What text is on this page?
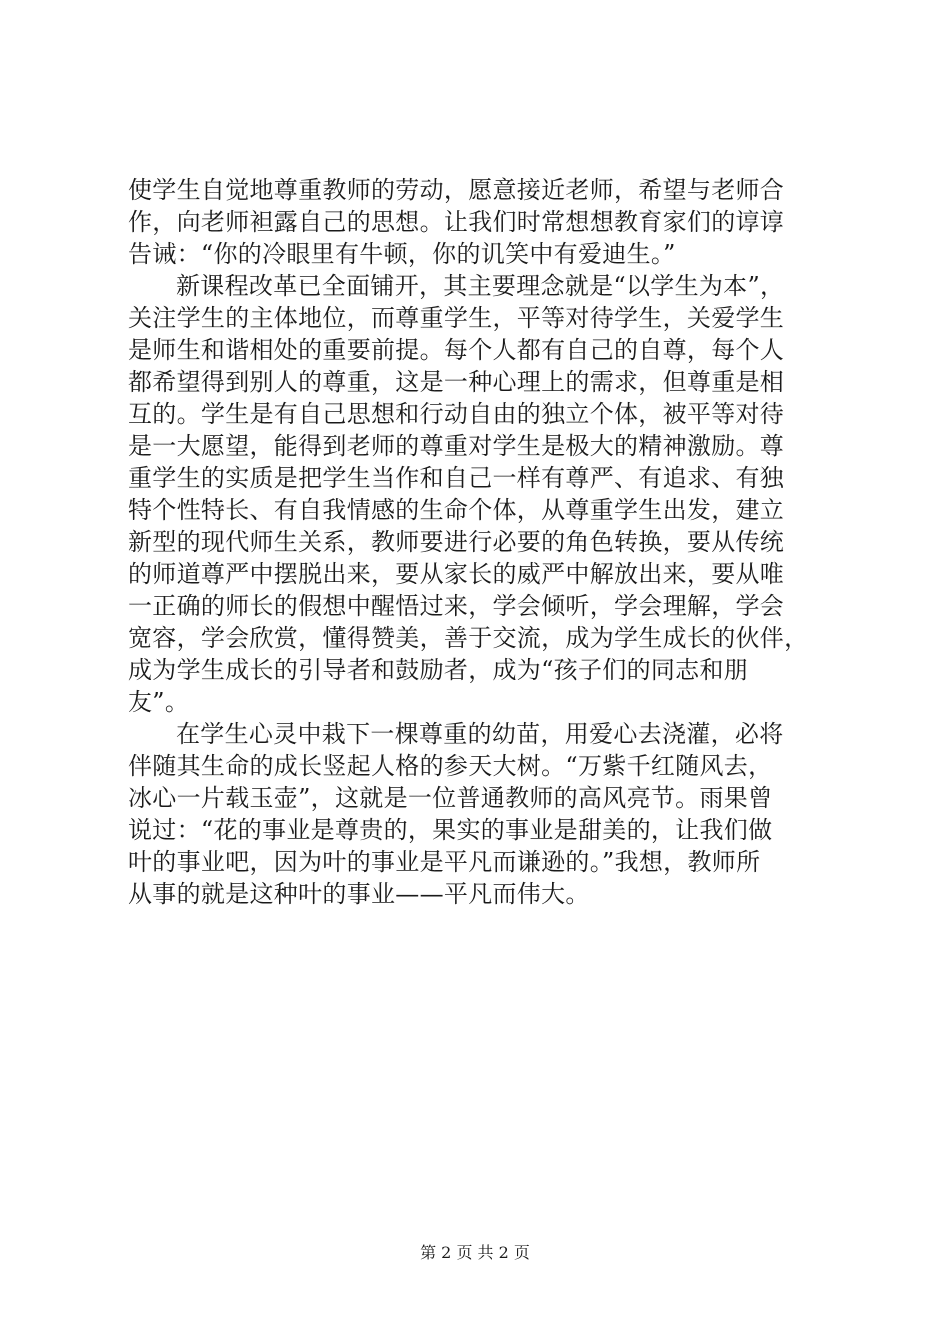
使学生自觉地尊重教师的劳动，愿意接近老师，希望与老师合
作，向老师袒露自己的思想。让我们时常想想教育家们的谆谆
告诫：“你的冷眼里有牛顿，你的讥笑中有爱迪生。”
新课程改革已全面铺开，其主要理念就是“以学生为本”，
关注学生的主体地位，而尊重学生，平等对待学生，关爱学生
是师生和谐相处的重要前提。每个人都有自己的自尊，每个人
都希望得到别人的尊重，这是一种心理上的需求，但尊重是相
互的。学生是有自己思想和行动自由的独立个体，被平等对待
是一大愿望，能得到老师的尊重对学生是极大的精神激励。尊
重学生的实质是把学生当作和自己一样有尊严、有追求、有独
特个性特长、有自我情感的生命个体，从尊重学生出发，建立
新型的现代师生关系，教师要进行必要的角色转换，要从传统
的师道尊严中摆脱出来，要从家长的威严中解放出来，要从唯
一正确的师长的假想中醒悟过来，学会倾听，学会理解，学会
宽容，学会欣赏，懂得赞美，善于交流，成为学生成长的伙伴，
成为学生成长的引导者和鼓励者，成为“孩子们的同志和朋
友”。
在学生心灵中栽下一棵尊重的幼苗，用爱心去浇灌，必将
伴随其生命的成长竖起人格的参天大树。“万紫千红随风去，
冰心一片载玉壶”，这就是一位普通教师的高风亮节。雨果曾
说过：“花的事业是尊贵的，果实的事业是甜美的，让我们做
叶的事业吧，因为叶的事业是平凡而谦逊的。”我想，教师所
从事的就是这种叶的事业——平凡而伟大。
第 2 页 共 2 页
